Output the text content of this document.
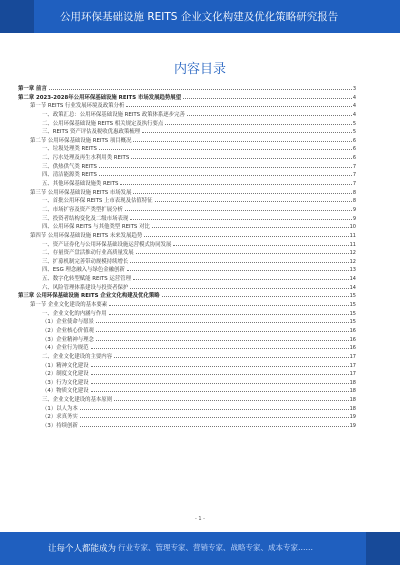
公用环保基础设施 REITS 企业文化构建及优化策略研究报告
内容目录
第一章 前言	3
第二章 2023-2028年公用环保基础设施 REITS 市场发展趋势展望	4
第一节 REITS 行业发展环境及政策分析	4
一、政策汇总：公用环保基础设施 REITS 政策体系逐步完善	4
二、公用环保基础设施 REITS 相关规定及执行要点	5
三、REITS 资产评估及税收优惠政策梳理	5
第二节 公用环保基础设施 REITS 项目概况	6
一、垃圾处理类 REITS	6
二、污水处理及再生水利用类 REITS	6
三、供热供气类 REITS	7
四、清洁能源类 REITS	7
五、其他环保基础设施类 REITS	7
第三节 公用环保基础设施 REITS 市场发展	8
一、首批公用环保 REITS 上市表现及估值特征	8
二、市场扩容及资产类型扩展分析	9
三、投资者结构变化及二级市场表现	9
四、公用环保 REITS 与其他类型 REITS 对比	10
第四节 公用环保基础设施 REITS 未来发展趋势	11
一、资产证券化与公用环保基础设施运营模式协同发展	11
二、存量资产盘活推动行业高质量发展	12
三、扩募机制完善带动规模持续增长	12
四、ESG 理念融入与绿色金融创新	13
五、数字化转型赋能 REITS 运营管理	14
六、风险管理体系建设与投资者保护	14
第三章 公用环保基础设施 REITS 企业文化构建及优化策略	15
第一节 企业文化建设的基本要素	15
一、企业文化的内涵与作用	15
（1）企业使命与愿景	15
（2）企业核心价值观	16
（3）企业精神与理念	16
（4）企业行为规范	16
二、企业文化建设的主要内容	17
（1）精神文化建设	17
（2）制度文化建设	17
（3）行为文化建设	18
（4）物质文化建设	18
三、企业文化建设的基本原则	18
（1）以人为本	18
（2）求真务实	19
（3）持续创新	19
- 1 -
让每个人都能成为 行业专家、管理专家、营销专家、战略专家、成本专家……
